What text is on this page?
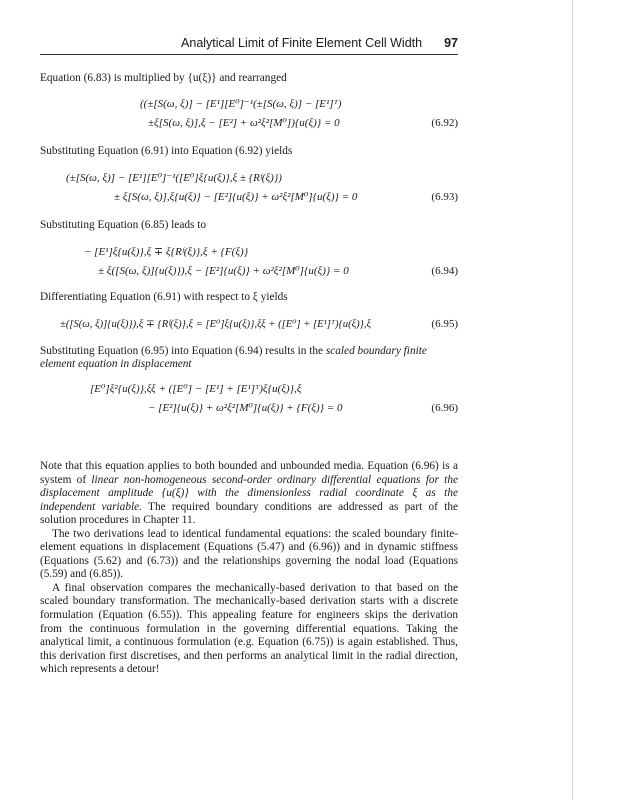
Analytical Limit of Finite Element Cell Width 97

Equation (6.83) is multiplied by {u(ξ)} and rearranged

((±[S(ω, ξ)] − [E¹][E⁰]⁻¹(±[S(ω, ξ)] − [E¹]ᵀ)
±ξ[S(ω, ξ)],ξ − [E²] + ω²ξ²[M⁰]){u(ξ)} = 0	(6.92)

Substituting Equation (6.91) into Equation (6.92) yields

(±[S(ω, ξ)] − [E¹][E⁰]⁻¹([E⁰]ξ{u(ξ)},ξ ± {Rᶠ(ξ)})
± ξ[S(ω, ξ)],ξ{u(ξ)} − [E²]{u(ξ)} + ω²ξ²[M⁰]{u(ξ)} = 0	(6.93)

Substituting Equation (6.85) leads to

− [E¹]ξ{u(ξ)},ξ ∓ ξ{Rᶠ(ξ)},ξ + {F(ξ)}
± ξ([S(ω, ξ)]{u(ξ)}),ξ − [E²]{u(ξ)} + ω²ξ²[M⁰]{u(ξ)} = 0	(6.94)

Differentiating Equation (6.91) with respect to ξ yields

±([S(ω, ξ)]{u(ξ)}),ξ ∓ {Rᶠ(ξ)},ξ = [E⁰]ξ{u(ξ)},ξξ + ([E⁰] + [E¹]ᵀ){u(ξ)},ξ	(6.95)

Substituting Equation (6.95) into Equation (6.94) results in the scaled boundary finite element equation in displacement

[E⁰]ξ²{u(ξ)},ξξ + ([E⁰] − [E¹] + [E¹]ᵀ)ξ{u(ξ)},ξ
− [E²]{u(ξ)} + ω²ξ²[M⁰]{u(ξ)} + {F(ξ)} = 0	(6.96)

Note that this equation applies to both bounded and unbounded media. Equation (6.96) is a system of linear non-homogeneous second-order ordinary differential equations for the displacement amplitude {u(ξ)} with the dimensionless radial coordinate ξ as the independent variable. The required boundary conditions are addressed as part of the solution procedures in Chapter 11.

The two derivations lead to identical fundamental equations: the scaled boundary finite-element equations in displacement (Equations (5.47) and (6.96)) and in dynamic stiffness (Equations (5.62) and (6.73)) and the relationships governing the nodal load (Equations (5.59) and (6.85)).

A final observation compares the mechanically-based derivation to that based on the scaled boundary transformation. The mechanically-based derivation starts with a discrete formulation (Equation (6.55)). This appealing feature for engineers skips the derivation from the continuous formulation in the governing differential equations. Taking the analytical limit, a continuous formulation (e.g. Equation (6.75)) is again established. Thus, this derivation first discretises, and then performs an analytical limit in the radial direction, which represents a detour!
